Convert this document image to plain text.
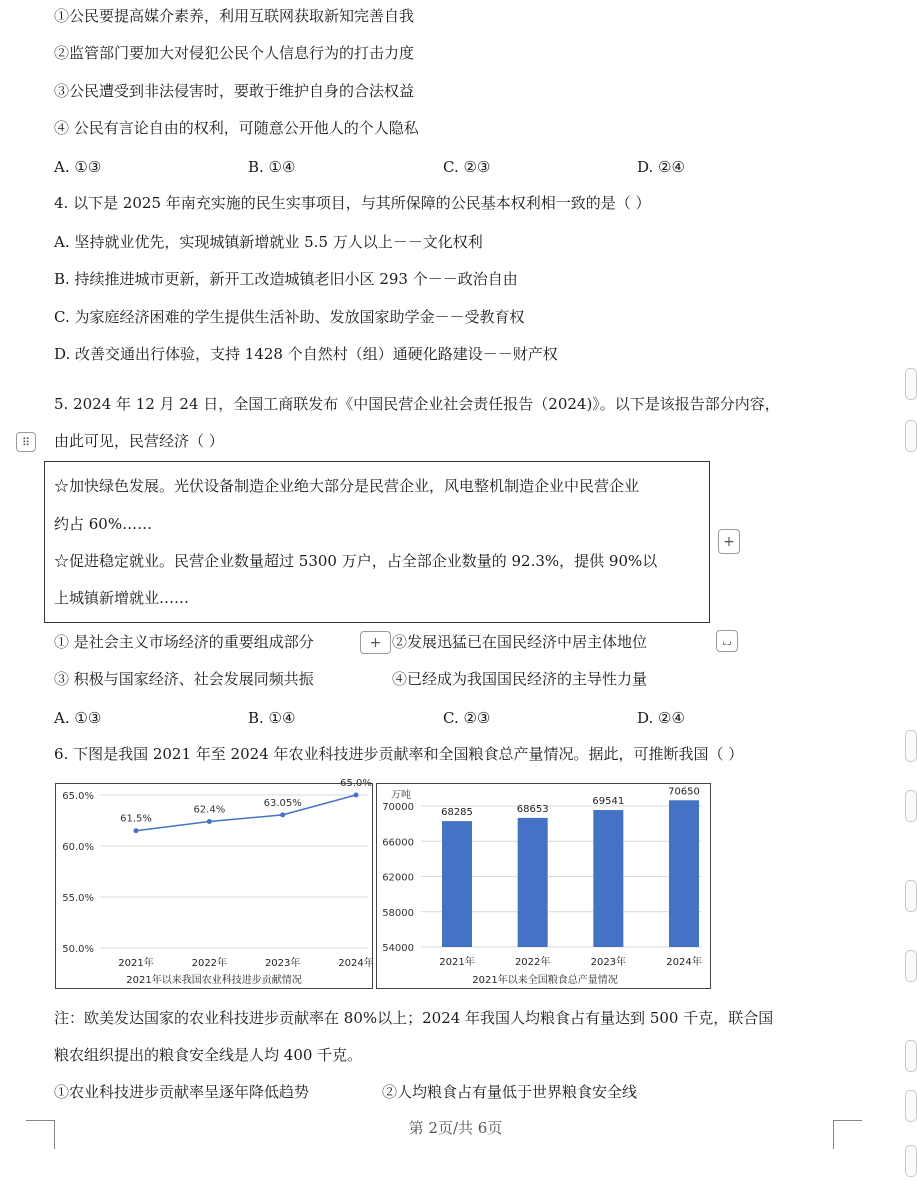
①公民要提高媒介素养，利用互联网获取新知完善自我
②监管部门要加大对侵犯公民个人信息行为的打击力度
③公民遭受到非法侵害时，要敢于维护自身的合法权益
④ 公民有言论自由的权利，可随意公开他人的个人隐私
A. ①③	B. ①④	C. ②③	D. ②④
4. 以下是 2025 年南充实施的民生实事项目，与其所保障的公民基本权利相一致的是（ ）
A. 坚持就业优先，实现城镇新增就业 5.5 万人以上－－文化权利
B. 持续推进城市更新，新开工改造城镇老旧小区 293 个－－政治自由
C. 为家庭经济困难的学生提供生活补助、发放国家助学金－－受教育权
D. 改善交通出行体验，支持 1428 个自然村（组）通硬化路建设－－财产权
5. 2024 年 12 月 24 日，全国工商联发布《中国民营企业社会责任报告（2024)》。以下是该报告部分内容，
⠿	由此可见，民营经济（ ）
☆加快绿色发展。光伏设备制造企业绝大部分是民营企业，风电整机制造企业中民营企业
约占 60%……
☆促进稳定就业。民营企业数量超过 5300 万户，占全部企业数量的 92.3%，提供 90%以
上城镇新增就业……
+
① 是社会主义市场经济的重要组成部分	+ ②发展迅猛已在国民经济中居主体地位	⌞⌟
③ 积极与国家经济、社会发展同频共振	④已经成为我国国民经济的主导性力量
A. ①③	B. ①④	C. ②③	D. ②④
6. 下图是我国 2021 年至 2024 年农业科技进步贡献率和全国粮食总产量情况。据此，可推断我国（ ）
65.0%
60.0%
55.0%
50.0%
61.5%
62.4%
63.05%
65.0%
2021年	2022年	2023年	2024年
2021年以来我国农业科技进步贡献情况
70000
66000
62000
58000
54000
万吨
68285
2021年
68653
2022年
69541
2023年
70650
2024年
2021年以来全国粮食总产量情况
注：欧美发达国家的农业科技进步贡献率在 80%以上；2024 年我国人均粮食占有量达到 500 千克，联合国
粮农组织提出的粮食安全线是人均 400 千克。
①农业科技进步贡献率呈逐年降低趋势	②人均粮食占有量低于世界粮食安全线
第 2页/共 6页
